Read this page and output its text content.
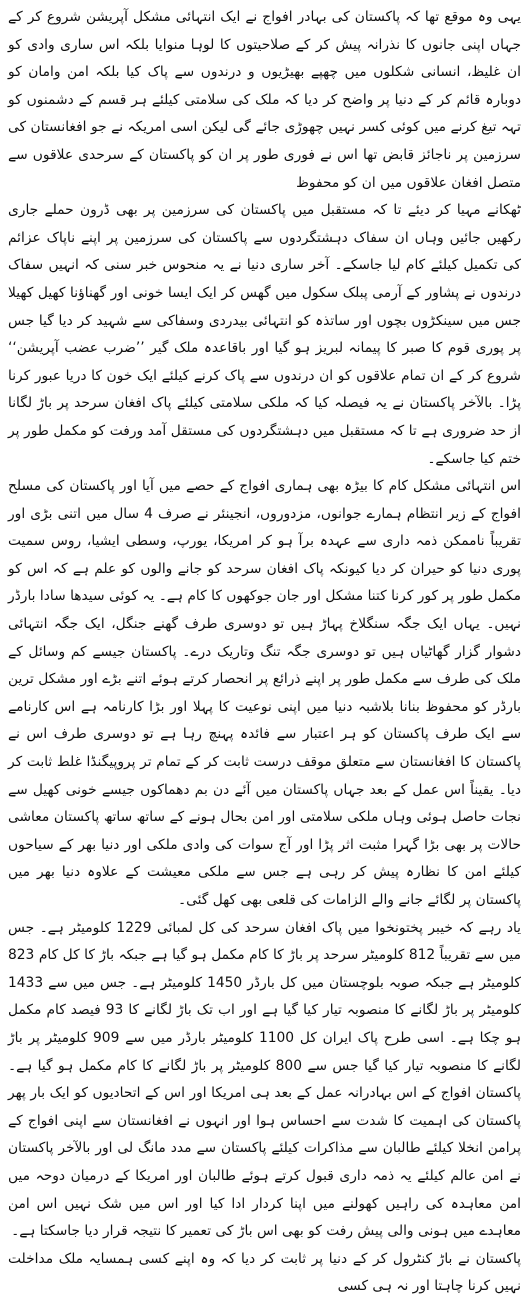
یہی وہ موقع تھا کہ پاکستان کی بہادر افواج نے ایک انتہائی مشکل آپریشن شروع کر کے جہاں اپنی جانوں کا نذرانہ پیش کر کے صلاحیتوں کا لوہا منوایا بلکہ اس ساری وادی کو ان غلیظ، انسانی شکلوں میں چھپے بھیڑیوں و درندوں سے پاک کیا بلکہ امن وامان کو دوبارہ قائم کر کے دنیا پر واضح کر دیا کہ ملک کی سلامتی کیلئے ہر قسم کے دشمنوں کو تہہ تیغ کرنے میں کوئی کسر نہیں چھوڑی جائے گی لیکن اسی امریکہ نے جو افغانستان کی سرزمین پر ناجائز قابض تھا اس نے فوری طور پر ان کو پاکستان کے سرحدی علاقوں سے متصل افغان علاقوں میں ان کو محفوظ

ٹھکانے مہیا کر دیئے تا کہ مستقبل میں پاکستان کی سرزمین پر بھی ڈرون حملے جاری رکھیں جائیں وہاں ان سفاک دہشتگردوں سے پاکستان کی سرزمین پر اپنے ناپاک عزائم کی تکمیل کیلئے کام لیا جاسکے۔ آخر ساری دنیا نے یہ منحوس خبر سنی کہ انہیں سفاک درندوں نے پشاور کے آرمی پبلک سکول میں گھس کر ایک ایسا خونی اور گھناؤنا کھیل کھیلا جس میں سینکڑوں بچوں اور ساتذہ کو انتہائی بیدردی وسفاکی سے شہید کر دیا گیا جس پر پوری قوم کا صبر کا پیمانہ لبریز ہو گیا اور باقاعدہ ملک گیر ’’ضرب عضب آپریشن‘‘ شروع کر کے ان تمام علاقوں کو ان درندوں سے پاک کرنے کیلئے ایک خون کا دریا عبور کرنا پڑا۔ بالآخر پاکستان نے یہ فیصلہ کیا کہ ملکی سلامتی کیلئے پاک افغان سرحد پر باڑ لگانا از حد ضروری ہے تا کہ مستقبل میں دہشتگردوں کی مستقل آمد ورفت کو مکمل طور پر ختم کیا جاسکے۔

اس انتہائی مشکل کام کا بیڑہ بھی ہماری افواج کے حصے میں آیا اور پاکستان کی مسلح افواج کے زیر انتظام ہمارے جوانوں، مزدوروں، انجینئر نے صرف 4 سال میں اتنی بڑی اور تقریباً ناممکن ذمہ داری سے عہدہ برآ ہو کر امریکا، یورپ، وسطی ایشیا، روس سمیت پوری دنیا کو حیران کر دیا کیونکہ پاک افغان سرحد کو جانے والوں کو علم ہے کہ اس کو مکمل طور پر کور کرنا کتنا مشکل اور جان جوکھوں کا کام ہے۔ یہ کوئی سیدھا سادا بارڈر نہیں۔ یہاں ایک جگہ سنگلاخ پہاڑ ہیں تو دوسری طرف گھنے جنگل، ایک جگہ انتہائی دشوار گزار گھاٹیاں ہیں تو دوسری جگہ تنگ وتاریک درے۔ پاکستان جیسے کم وسائل کے ملک کی طرف سے مکمل طور پر اپنے ذرائع پر انحصار کرتے ہوئے اتنے بڑے اور مشکل ترین بارڈر کو محفوظ بنانا بلاشبہ دنیا میں اپنی نوعیت کا پہلا اور بڑا کارنامہ ہے اس کارنامے سے ایک طرف پاکستان کو ہر اعتبار سے فائدہ پہنچ رہا ہے تو دوسری طرف اس نے پاکستان کا افغانستان سے متعلق موقف درست ثابت کر کے تمام تر پروپیگنڈا غلط ثابت کر دیا۔ یقیناً اس عمل کے بعد جہاں پاکستان میں آئے دن بم دھماکوں جیسے خونی کھیل سے نجات حاصل ہوئی وہاں ملکی سلامتی اور امن بحال ہونے کے ساتھ ساتھ پاکستان معاشی حالات پر بھی بڑا گہرا مثبت اثر پڑا اور آج سوات کی وادی ملکی اور دنیا بھر کے سیاحوں کیلئے امن کا نظارہ پیش کر رہی ہے جس سے ملکی معیشت کے علاوہ دنیا بھر میں پاکستان پر لگائے جانے والے الزامات کی قلعی بھی کھل گئی۔

یاد رہے کہ خیبر پختونخوا میں پاک افغان سرحد کی کل لمبائی 1229 کلومیٹر ہے۔ جس میں سے تقریباً 812 کلومیٹر سرحد پر باڑ کا کام مکمل ہو گیا ہے جبکہ باڑ کا کل کام 823 کلومیٹر ہے جبکہ صوبہ بلوچستان میں کل بارڈر 1450 کلومیٹر ہے۔ جس میں سے 1433 کلومیٹر پر باڑ لگانے کا منصوبہ تیار کیا گیا ہے اور اب تک باڑ لگانے کا 93 فیصد کام مکمل ہو چکا ہے۔ اسی طرح پاک ایران کل 1100 کلومیٹر بارڈر میں سے 909 کلومیٹر پر باڑ لگانے کا منصوبہ تیار کیا گیا جس سے 800 کلومیٹر پر باڑ لگانے کا کام مکمل ہو گیا ہے۔ پاکستان افواج کے اس بہادرانہ عمل کے بعد ہی امریکا اور اس کے اتحادیوں کو ایک بار پھر پاکستان کی اہمیت کا شدت سے احساس ہوا اور انہوں نے افغانستان سے اپنی افواج کے پرامن انخلا کیلئے طالبان سے مذاکرات کیلئے پاکستان سے مدد مانگ لی اور بالآخر پاکستان نے امن عالم کیلئے یہ ذمہ داری قبول کرتے ہوئے طالبان اور امریکا کے درمیان دوحہ میں امن معاہدہ کی راہیں کھولنے میں اپنا کردار ادا کیا اور اس میں شک نہیں اس امن معاہدے میں ہونی والی پیش رفت کو بھی اس باڑ کی تعمیر کا نتیجہ قرار دیا جاسکتا ہے۔

پاکستان نے باڑ کنٹرول کر کے دنیا پر ثابت کر دیا کہ وہ اپنے کسی ہمسایہ ملک مداخلت نہیں کرنا چاہتا اور نہ ہی کسی
